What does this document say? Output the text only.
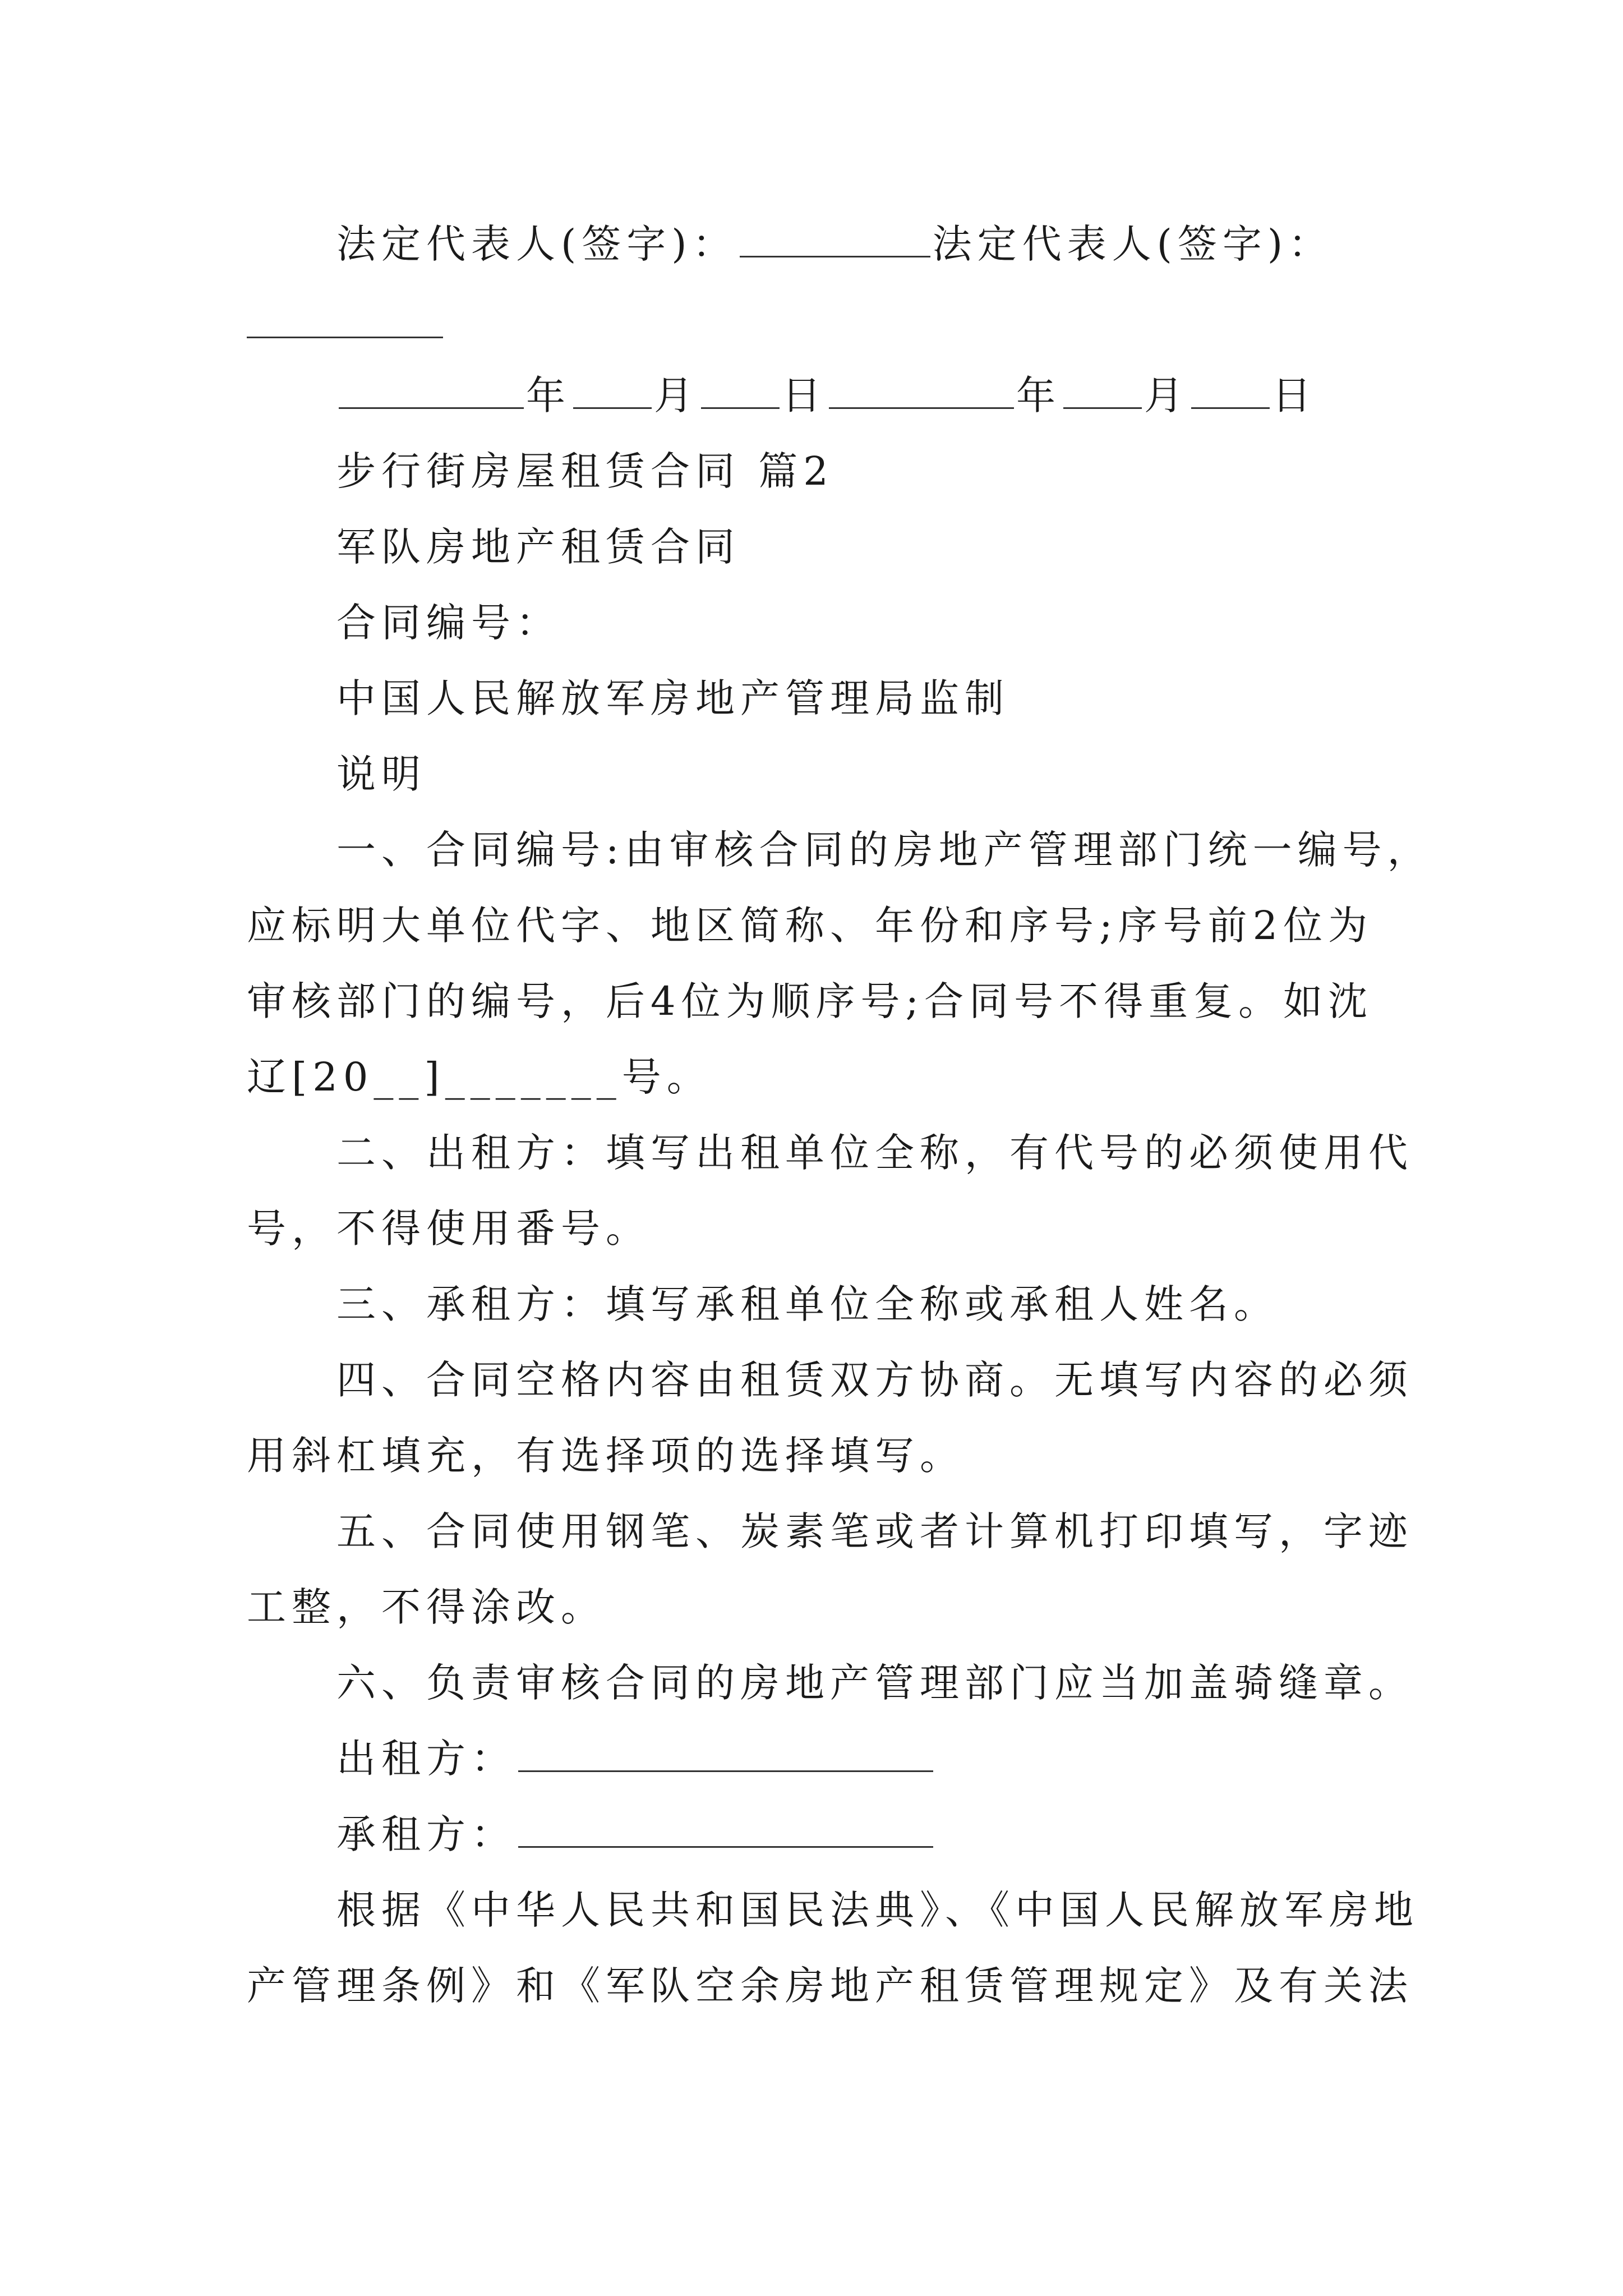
法定代表人(签字)：	法定代表人(签字)：
年 月 日	年 月 日
步行街房屋租赁合同 篇2
军队房地产租赁合同
合同编号：
中国人民解放军房地产管理局监制
说明
一、合同编号:由审核合同的房地产管理部门统一编号，
应标明大单位代字、地区简称、年份和序号;序号前2位为
审核部门的编号，后4位为顺序号;合同号不得重复。如沈
辽[20__]_______号。
二、出租方：填写出租单位全称，有代号的必须使用代
号，不得使用番号。
三、承租方：填写承租单位全称或承租人姓名。
四、合同空格内容由租赁双方协商。无填写内容的必须
用斜杠填充，有选择项的选择填写。
五、合同使用钢笔、炭素笔或者计算机打印填写，字迹
工整，不得涂改。
六、负责审核合同的房地产管理部门应当加盖骑缝章。
出租方：
承租方：
根据《中华人民共和国民法典》、《中国人民解放军房地
产管理条例》和《军队空余房地产租赁管理规定》及有关法
